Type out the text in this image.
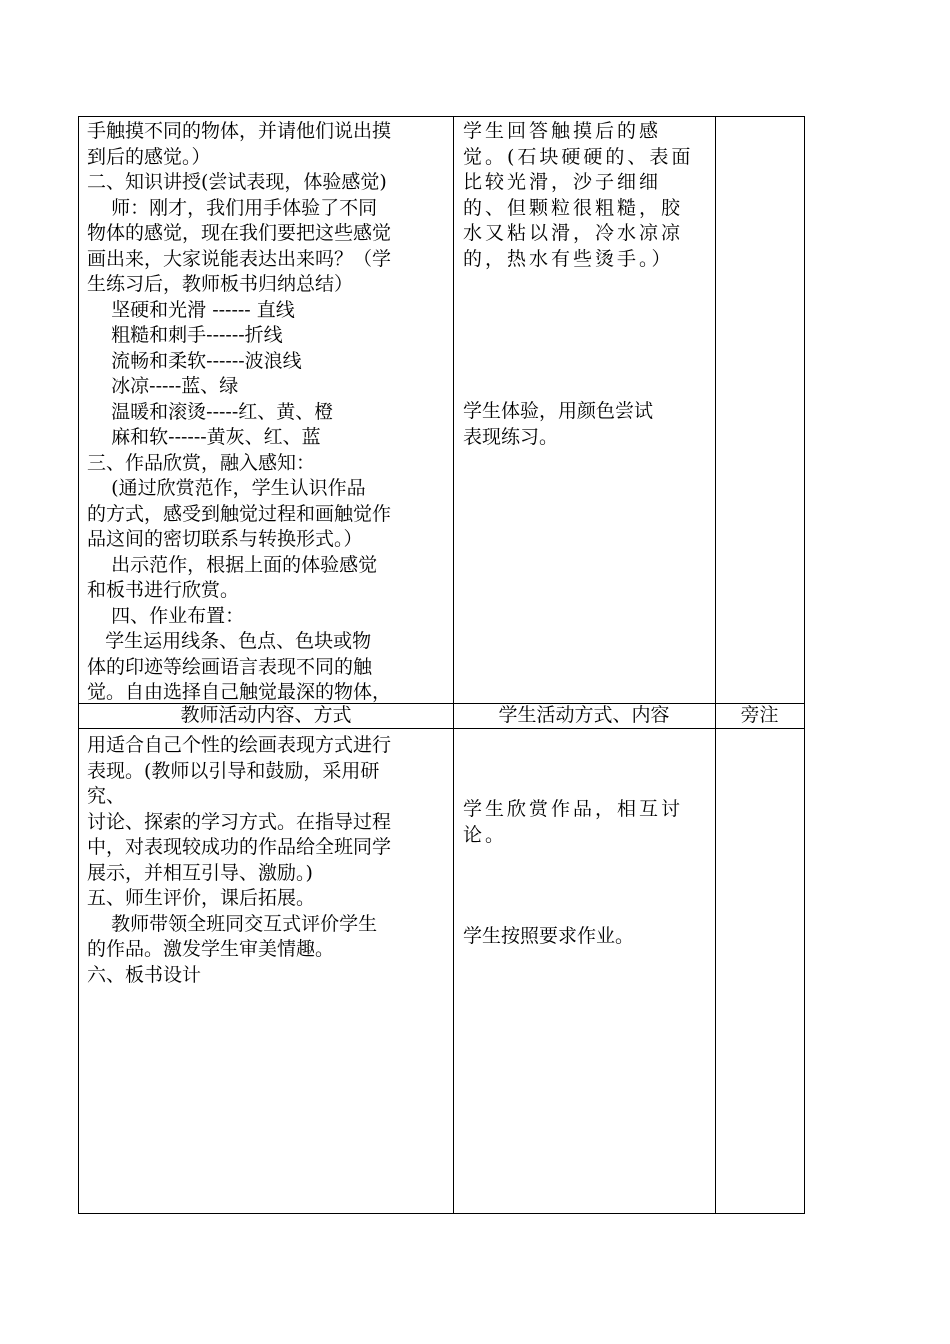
手触摸不同的物体，并请他们说出摸
到后的感觉。）
二、知识讲授(尝试表现，体验感觉)
师：刚才，我们用手体验了不同
物体的感觉，现在我们要把这些感觉
画出来，大家说能表达出来吗？（学
生练习后，教师板书归纳总结）
坚硬和光滑 ------ 直线
粗糙和刺手------折线
流畅和柔软------波浪线
冰凉-----蓝、绿
温暖和滚烫-----红、黄、橙
麻和软------黄灰、红、蓝
三、作品欣赏，融入感知：
(通过欣赏范作，学生认识作品
的方式，感受到触觉过程和画触觉作
品这间的密切联系与转换形式。）
出示范作，根据上面的体验感觉
和板书进行欣赏。
四、作业布置：
学生运用线条、色点、色块或物
体的印迹等绘画语言表现不同的触
觉。自由选择自己触觉最深的物体，
学生回答触摸后的感
觉。(石块硬硬的、表面
比较光滑，沙子细细
的、但颗粒很粗糙，胶
水又粘以滑，冷水凉凉
的，热水有些烫手。）
学生体验，用颜色尝试
表现练习。
教师活动内容、方式	学生活动方式、内容	旁注
用适合自己个性的绘画表现方式进行
表现。(教师以引导和鼓励，采用研
究、
讨论、探索的学习方式。在指导过程
中，对表现较成功的作品给全班同学
展示，并相互引导、激励。)
五、师生评价，课后拓展。
教师带领全班同交互式评价学生
的作品。激发学生审美情趣。
六、板书设计
学生欣赏作品，相互讨
论。
学生按照要求作业。
